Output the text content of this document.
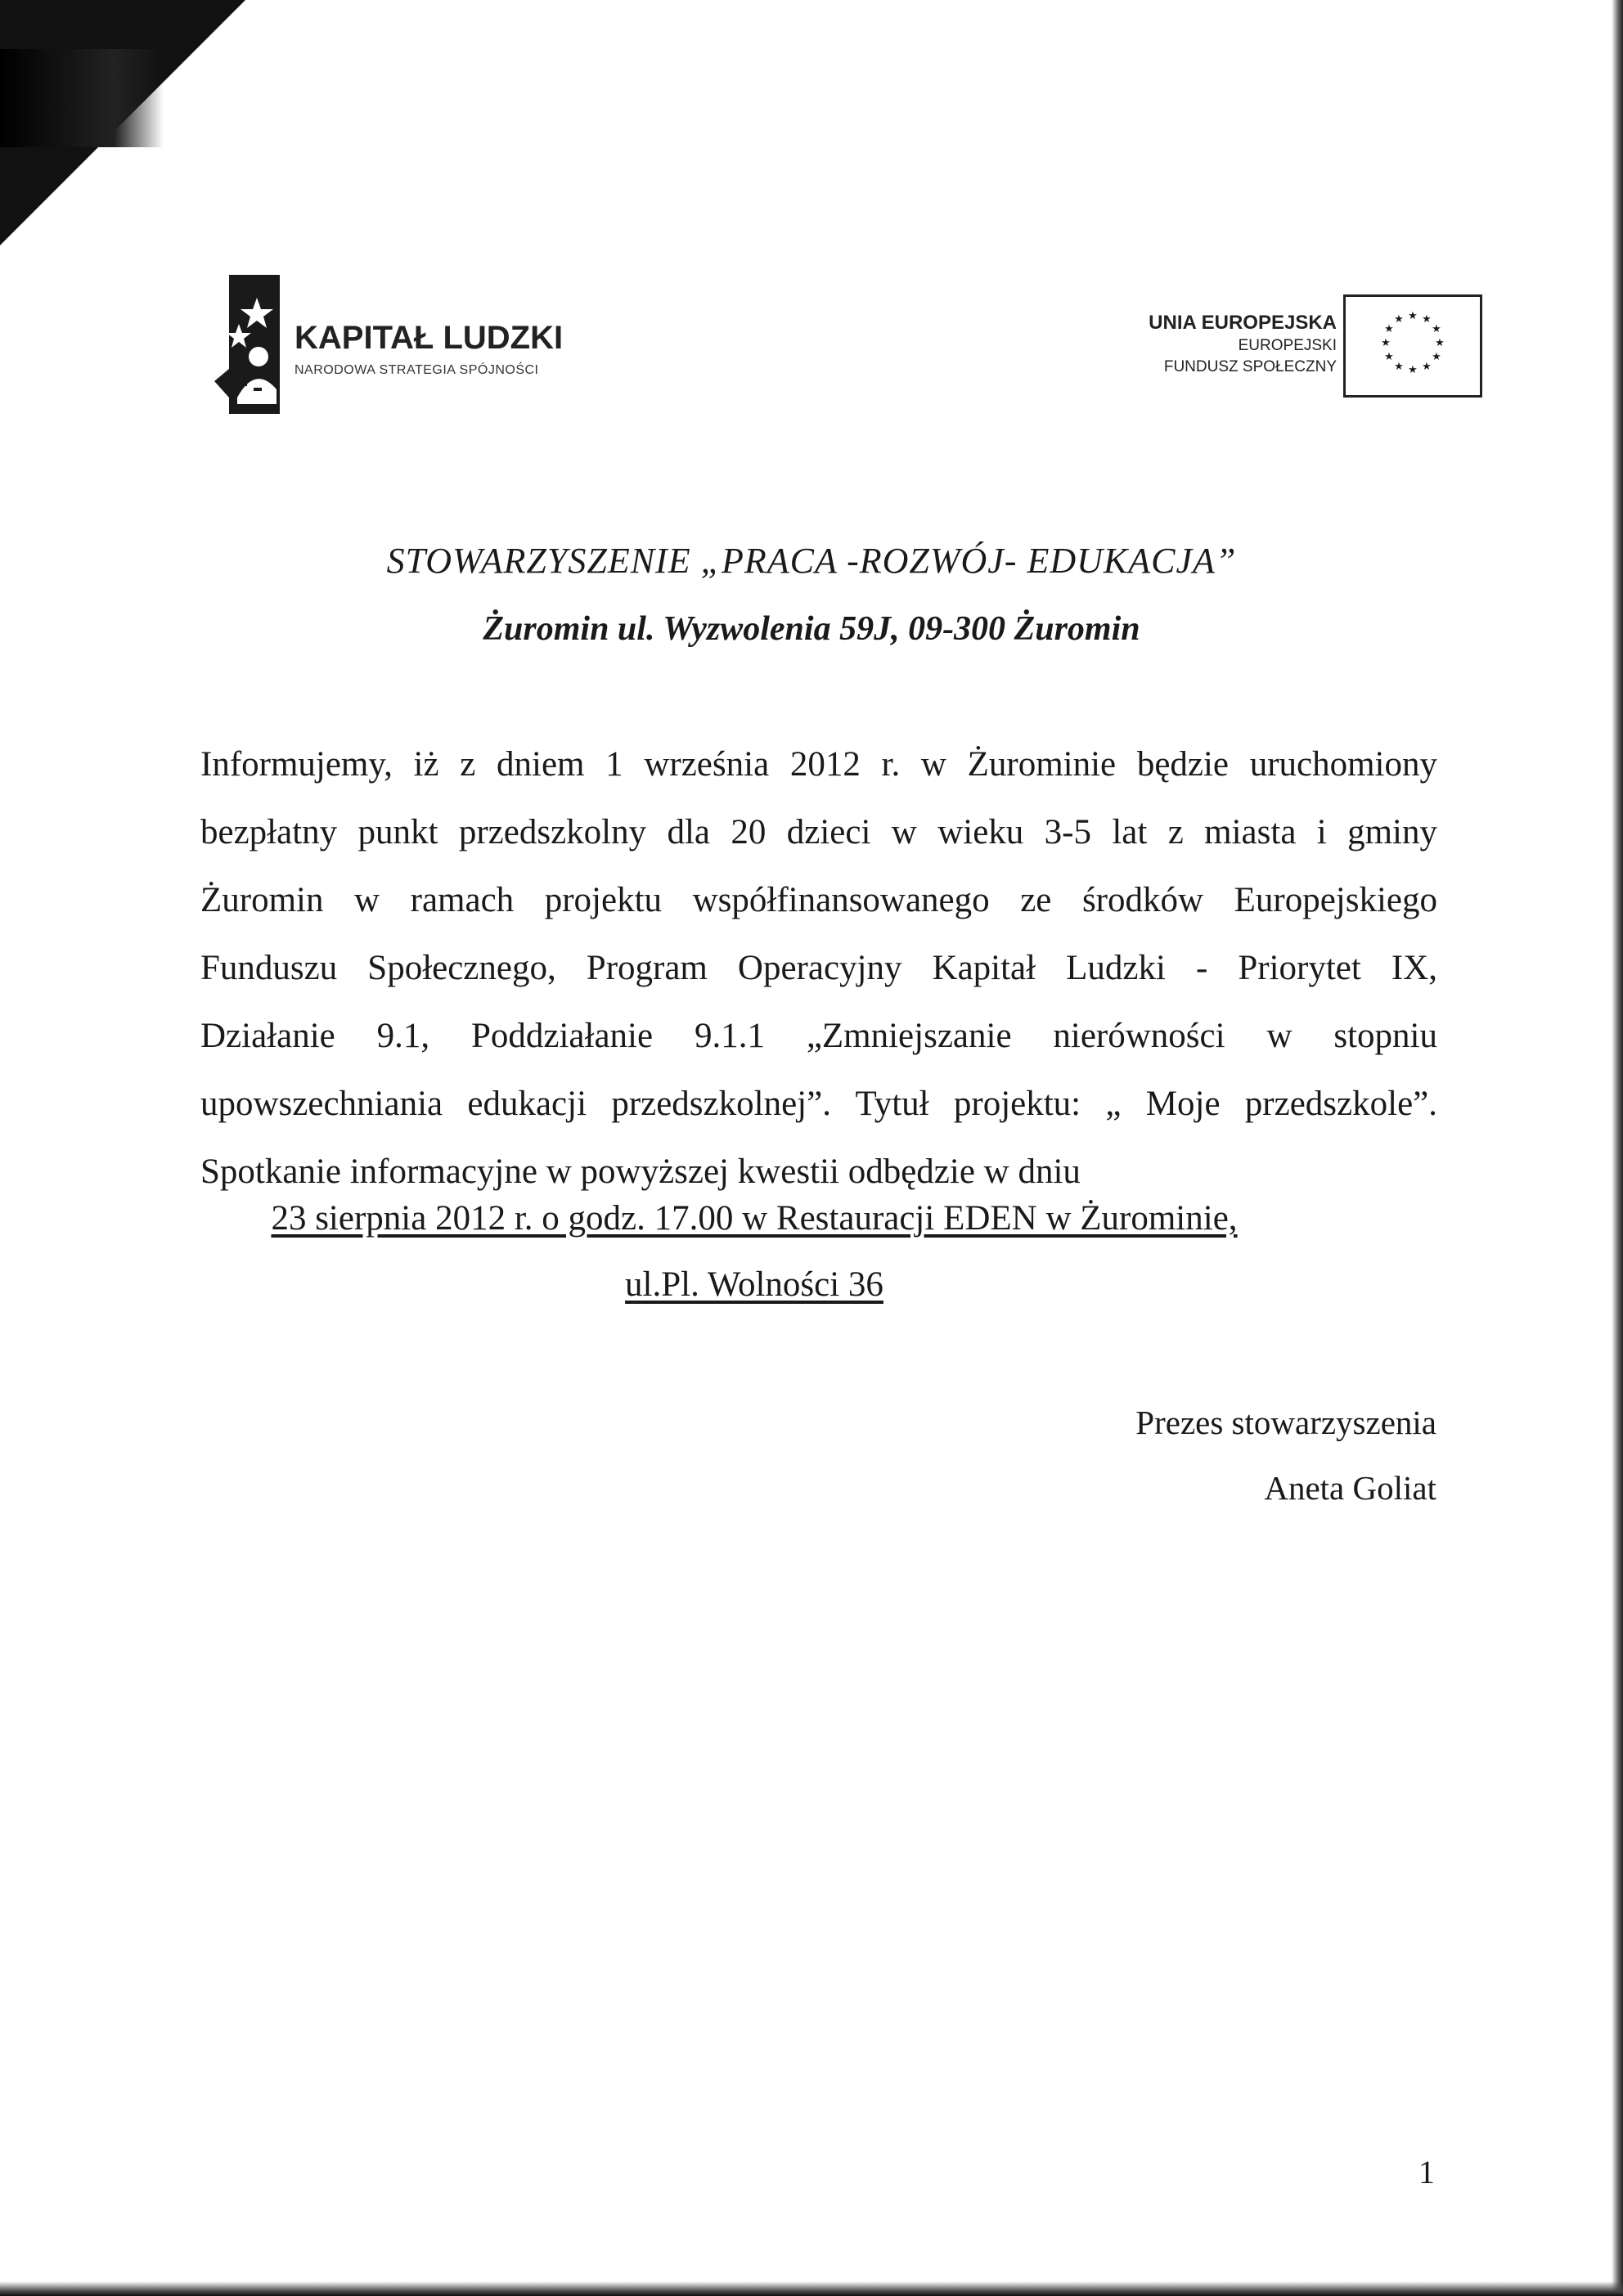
KAPITAŁ LUDZKI
NARODOWA STRATEGIA SPÓJNOŚCI
UNIA EUROPEJSKA
EUROPEJSKI
FUNDUSZ SPOŁECZNY
★ ★
★
★
★
★
★
★
★
★
★
★
STOWARZYSZENIE „PRACA -ROZWÓJ- EDUKACJA”
Żuromin ul. Wyzwolenia 59J, 09-300 Żuromin
Informujemy, iż z dniem 1 września 2012 r. w Żurominie będzie uruchomiony
bezpłatny punkt przedszkolny dla 20 dzieci w wieku 3-5 lat z miasta i gminy
Żuromin w ramach projektu współfinansowanego ze środków Europejskiego
Funduszu Społecznego, Program Operacyjny Kapitał Ludzki - Priorytet IX,
Działanie 9.1, Poddziałanie 9.1.1 „Zmniejszanie nierówności w stopniu
upowszechniania edukacji przedszkolnej”. Tytuł projektu: „ Moje przedszkole”.
Spotkanie informacyjne w powyższej kwestii odbędzie w dniu
23 sierpnia 2012 r. o godz. 17.00 w Restauracji EDEN w Żurominie,
ul.Pl. Wolności 36
Prezes stowarzyszenia
Aneta Goliat
1
